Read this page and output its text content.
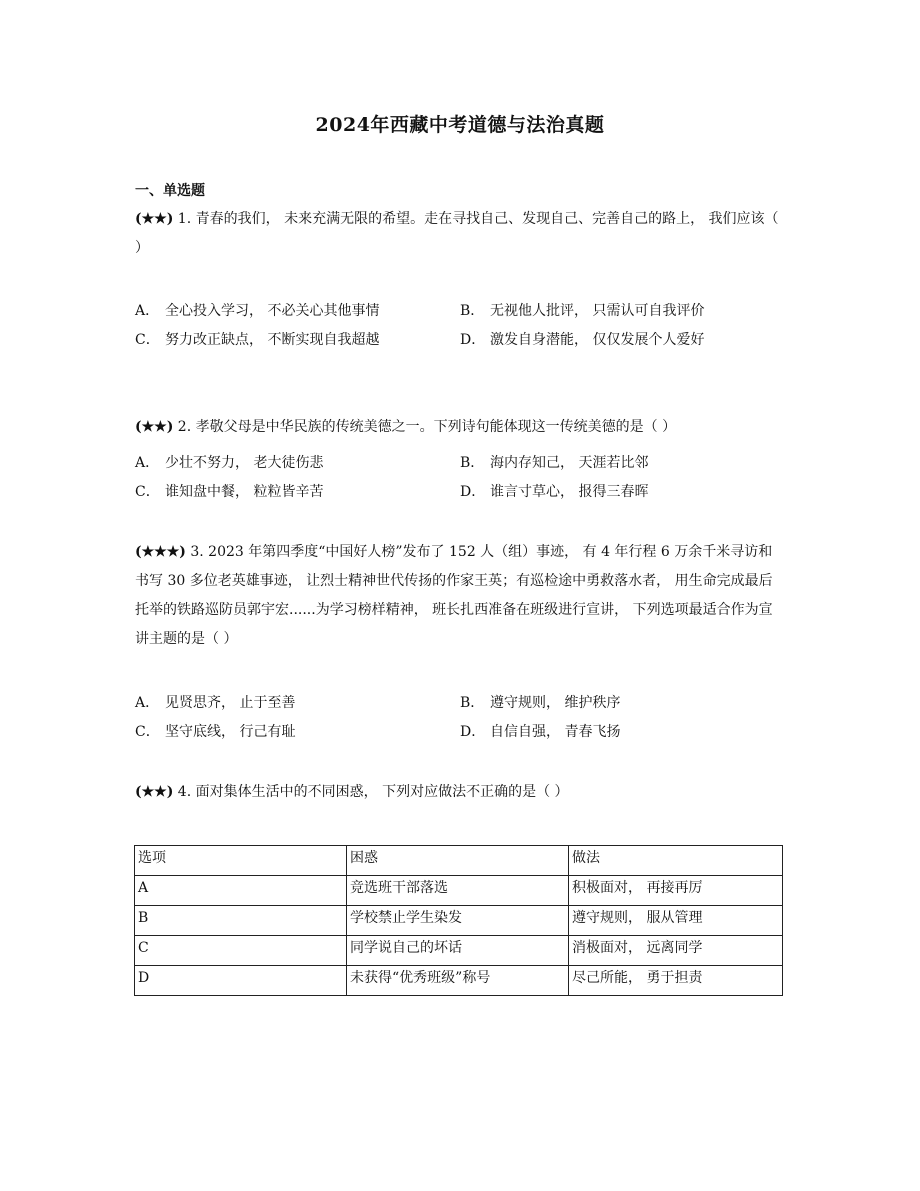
2024年西藏中考道德与法治真题
一、单选题
(★★) 1. 青春的我们， 未来充满无限的希望。走在寻找自己、发现自己、完善自己的路上， 我们应该（ ）
A． 全心投入学习， 不必关心其他事情	B． 无视他人批评， 只需认可自我评价
C． 努力改正缺点， 不断实现自我超越	D． 激发自身潜能， 仅仅发展个人爱好
(★★) 2. 孝敬父母是中华民族的传统美德之一。下列诗句能体现这一传统美德的是（ ）
A． 少壮不努力， 老大徒伤悲	B． 海内存知己， 天涯若比邻
C． 谁知盘中餐， 粒粒皆辛苦	D． 谁言寸草心， 报得三春晖
(★★★) 3. 2023 年第四季度“中国好人榜”发布了 152 人（组）事迹， 有 4 年行程 6 万余千米寻访和书写 30 多位老英雄事迹， 让烈士精神世代传扬的作家王英；有巡检途中勇救落水者， 用生命完成最后托举的铁路巡防员郭宇宏......为学习榜样精神， 班长扎西准备在班级进行宣讲， 下列选项最适合作为宣讲主题的是（ ）
A． 见贤思齐， 止于至善	B． 遵守规则， 维护秩序
C． 坚守底线， 行己有耻	D． 自信自强， 青春飞扬
(★★) 4. 面对集体生活中的不同困惑， 下列对应做法不正确的是（ ）
选项	困惑	做法
A	竞选班干部落选	积极面对， 再接再厉
B	学校禁止学生染发	遵守规则， 服从管理
C	同学说自己的坏话	消极面对， 远离同学
D	未获得“优秀班级”称号	尽己所能， 勇于担责
